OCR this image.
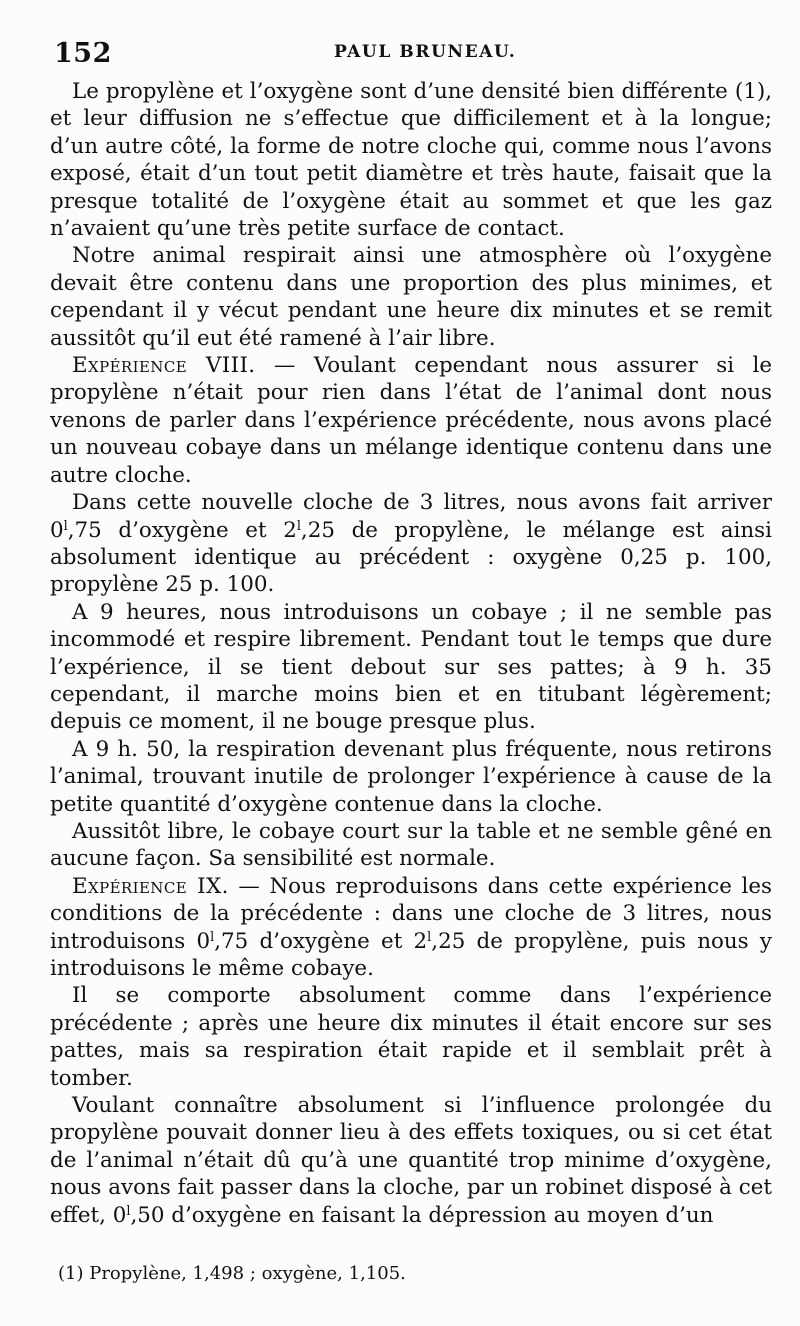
152	PAUL BRUNEAU.

Le propylène et l’oxygène sont d’une densité bien différente (1), et leur diffusion ne s’effectue que difficilement et à la longue; d’un autre côté, la forme de notre cloche qui, comme nous l’avons exposé, était d’un tout petit diamètre et très haute, faisait que la presque totalité de l’oxygène était au sommet et que les gaz n’avaient qu’une très petite surface de contact.

Notre animal respirait ainsi une atmosphère où l’oxygène devait être contenu dans une proportion des plus minimes, et cependant il y vécut pendant une heure dix minutes et se remit aussitôt qu’il eut été ramené à l’air libre.

Expérience VIII. — Voulant cependant nous assurer si le propylène n’était pour rien dans l’état de l’animal dont nous venons de parler dans l’expérience précédente, nous avons placé un nouveau cobaye dans un mélange identique contenu dans une autre cloche.

Dans cette nouvelle cloche de 3 litres, nous avons fait arriver 0$^l$,75 d’oxygène et 2$^l$,25 de propylène, le mélange est ainsi absolument identique au précédent : oxygène 0,25 p. 100, propylène 25 p. 100.

A 9 heures, nous introduisons un cobaye ; il ne semble pas incommodé et respire librement. Pendant tout le temps que dure l’expérience, il se tient debout sur ses pattes; à 9 h. 35 cependant, il marche moins bien et en titubant légèrement; depuis ce moment, il ne bouge presque plus.

A 9 h. 50, la respiration devenant plus fréquente, nous retirons l’animal, trouvant inutile de prolonger l’expérience à cause de la petite quantité d’oxygène contenue dans la cloche.

Aussitôt libre, le cobaye court sur la table et ne semble gêné en aucune façon. Sa sensibilité est normale.

Expérience IX. — Nous reproduisons dans cette expérience les conditions de la précédente : dans une cloche de 3 litres, nous introduisons 0$^l$,75 d’oxygène et 2$^l$,25 de propylène, puis nous y introduisons le même cobaye.

Il se comporte absolument comme dans l’expérience précédente ; après une heure dix minutes il était encore sur ses pattes, mais sa respiration était rapide et il semblait prêt à tomber.

Voulant connaître absolument si l’influence prolongée du propylène pouvait donner lieu à des effets toxiques, ou si cet état de l’animal n’était dû qu’à une quantité trop minime d’oxygène, nous avons fait passer dans la cloche, par un robinet disposé à cet effet, 0$^l$,50 d’oxygène en faisant la dépression au moyen d’un

(1) Propylène, 1,498 ; oxygène, 1,105.
